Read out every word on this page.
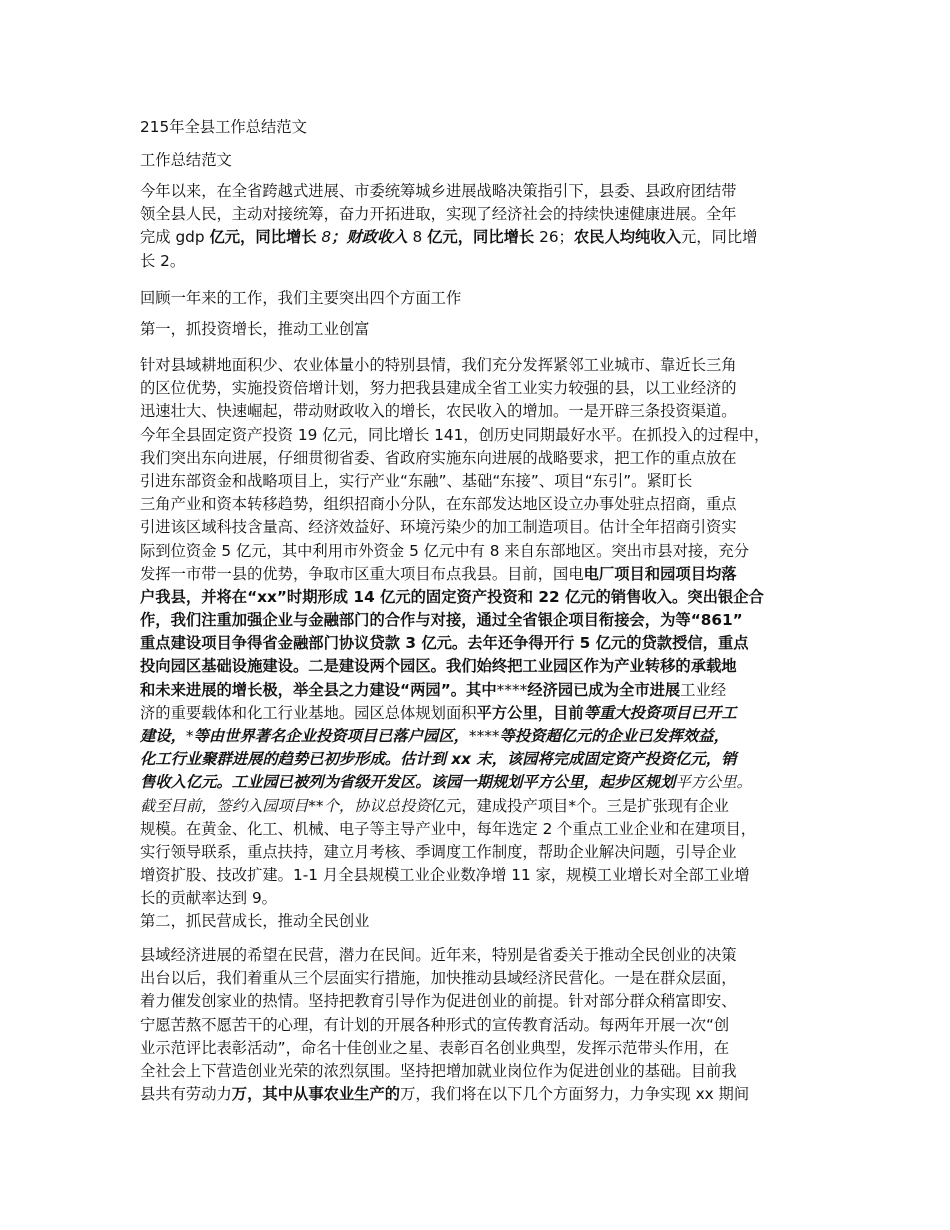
215年全县工作总结范文

工作总结范文

今年以来，在全省跨越式进展、市委统筹城乡进展战略决策指引下，县委、县政府团结带
领全县人民，主动对接统筹，奋力开拓进取，实现了经济社会的持续快速健康进展。全年
完成 gdp 亿元，同比增长 8；财政收入 8 亿元，同比增长 26；农民人均纯收入元，同比增
长 2。

回顾一年来的工作，我们主要突出四个方面工作

第一，抓投资增长，推动工业创富

针对县域耕地面积少、农业体量小的特别县情，我们充分发挥紧邻工业城市、靠近长三角
的区位优势，实施投资倍增计划，努力把我县建成全省工业实力较强的县，以工业经济的
迅速壮大、快速崛起，带动财政收入的增长，农民收入的增加。一是开辟三条投资渠道。
今年全县固定资产投资 19 亿元，同比增长 141，创历史同期最好水平。在抓投入的过程中，
我们突出东向进展，仔细贯彻省委、省政府实施东向进展的战略要求，把工作的重点放在
引进东部资金和战略项目上，实行产业“东融”、基础“东接”、项目“东引”。紧盯长
三角产业和资本转移趋势，组织招商小分队，在东部发达地区设立办事处驻点招商，重点
引进该区域科技含量高、经济效益好、环境污染少的加工制造项目。估计全年招商引资实
际到位资金 5 亿元，其中利用市外资金 5 亿元中有 8 来自东部地区。突出市县对接，充分
发挥一市带一县的优势，争取市区重大项目布点我县。目前，国电电厂项目和园项目均落
户我县，并将在“xx”时期形成 14 亿元的固定资产投资和 22 亿元的销售收入。突出银企合
作，我们注重加强企业与金融部门的合作与对接，通过全省银企项目衔接会，为等“861”
重点建设项目争得省金融部门协议贷款 3 亿元。去年还争得开行 5 亿元的贷款授信，重点
投向园区基础设施建设。二是建设两个园区。我们始终把工业园区作为产业转移的承载地
和未来进展的增长极，举全县之力建设“两园”。其中****经济园已成为全市进展工业经
济的重要载体和化工行业基地。园区总体规划面积平方公里，目前等重大投资项目已开工
建设，*等由世界著名企业投资项目已落户园区，****等投资超亿元的企业已发挥效益，
化工行业聚群进展的趋势已初步形成。估计到 xx 末，该园将完成固定资产投资亿元，销
售收入亿元。工业园已被列为省级开发区。该园一期规划平方公里，起步区规划平方公里。
截至目前，签约入园项目**个，协议总投资亿元，建成投产项目*个。三是扩张现有企业
规模。在黄金、化工、机械、电子等主导产业中，每年选定 2 个重点工业企业和在建项目，
实行领导联系，重点扶持，建立月考核、季调度工作制度，帮助企业解决问题，引导企业
增资扩股、技改扩建。1-1 月全县规模工业企业数净增 11 家，规模工业增长对全部工业增
长的贡献率达到 9。

第二，抓民营成长，推动全民创业

县域经济进展的希望在民营，潜力在民间。近年来，特别是省委关于推动全民创业的决策
出台以后，我们着重从三个层面实行措施，加快推动县域经济民营化。一是在群众层面，
着力催发创家业的热情。坚持把教育引导作为促进创业的前提。针对部分群众稍富即安、
宁愿苦熬不愿苦干的心理，有计划的开展各种形式的宣传教育活动。每两年开展一次“创
业示范评比表彰活动”，命名十佳创业之星、表彰百名创业典型，发挥示范带头作用，在
全社会上下营造创业光荣的浓烈氛围。坚持把增加就业岗位作为促进创业的基础。目前我
县共有劳动力万，其中从事农业生产的万，我们将在以下几个方面努力，力争实现 xx 期间
